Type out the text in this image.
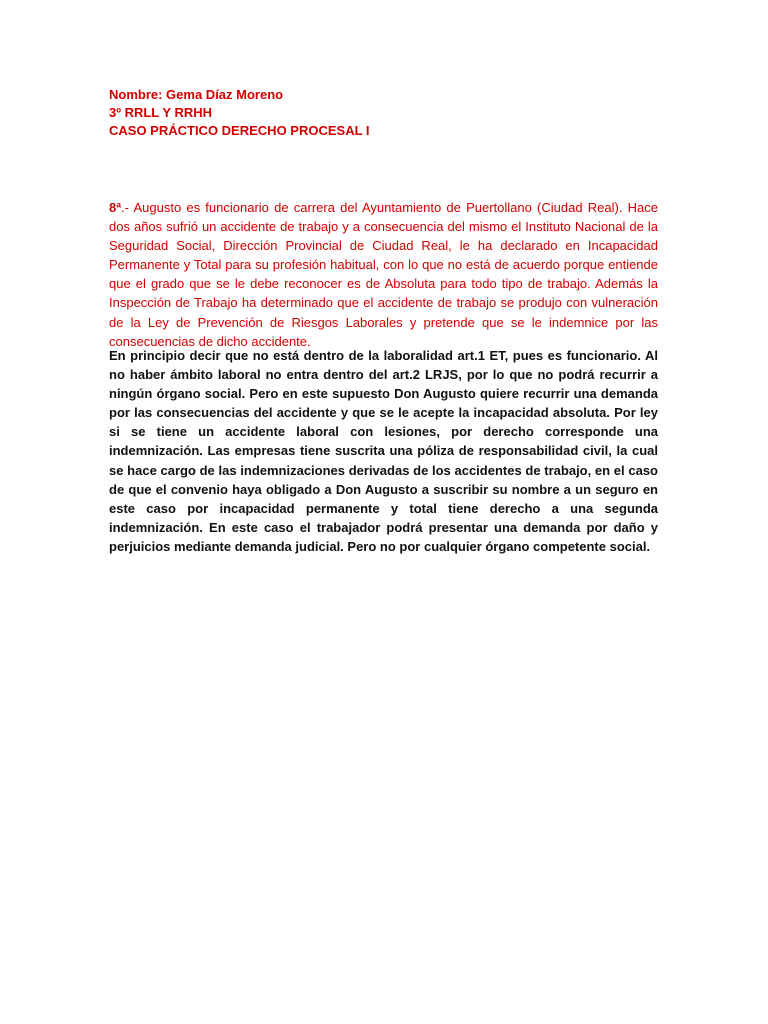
Nombre: Gema Díaz Moreno
3º RRLL Y RRHH
CASO PRÁCTICO DERECHO PROCESAL I

8ª.- Augusto es funcionario de carrera del Ayuntamiento de Puertollano (Ciudad Real). Hace dos años sufrió un accidente de trabajo y a consecuencia del mismo el Instituto Nacional de la Seguridad Social, Dirección Provincial de Ciudad Real, le ha declarado en Incapacidad Permanente y Total para su profesión habitual, con lo que no está de acuerdo porque entiende que el grado que se le debe reconocer es de Absoluta para todo tipo de trabajo. Además la Inspección de Trabajo ha determinado que el accidente de trabajo se produjo con vulneración de la Ley de Prevención de Riesgos Laborales y pretende que se le indemnice por las consecuencias de dicho accidente.

En principio decir que no está dentro de la laboralidad art.1 ET, pues es funcionario. Al no haber ámbito laboral no entra dentro del art.2 LRJS, por lo que no podrá recurrir a ningún órgano social. Pero en este supuesto Don Augusto quiere recurrir una demanda por las consecuencias del accidente y que se le acepte la incapacidad absoluta. Por ley si se tiene un accidente laboral con lesiones, por derecho corresponde una indemnización. Las empresas tiene suscrita una póliza de responsabilidad civil, la cual se hace cargo de las indemnizaciones derivadas de los accidentes de trabajo, en el caso de que el convenio haya obligado a Don Augusto a suscribir su nombre a un seguro en este caso por incapacidad permanente y total tiene derecho a una segunda indemnización. En este caso el trabajador podrá presentar una demanda por daño y perjuicios mediante demanda judicial. Pero no por cualquier órgano competente social.
